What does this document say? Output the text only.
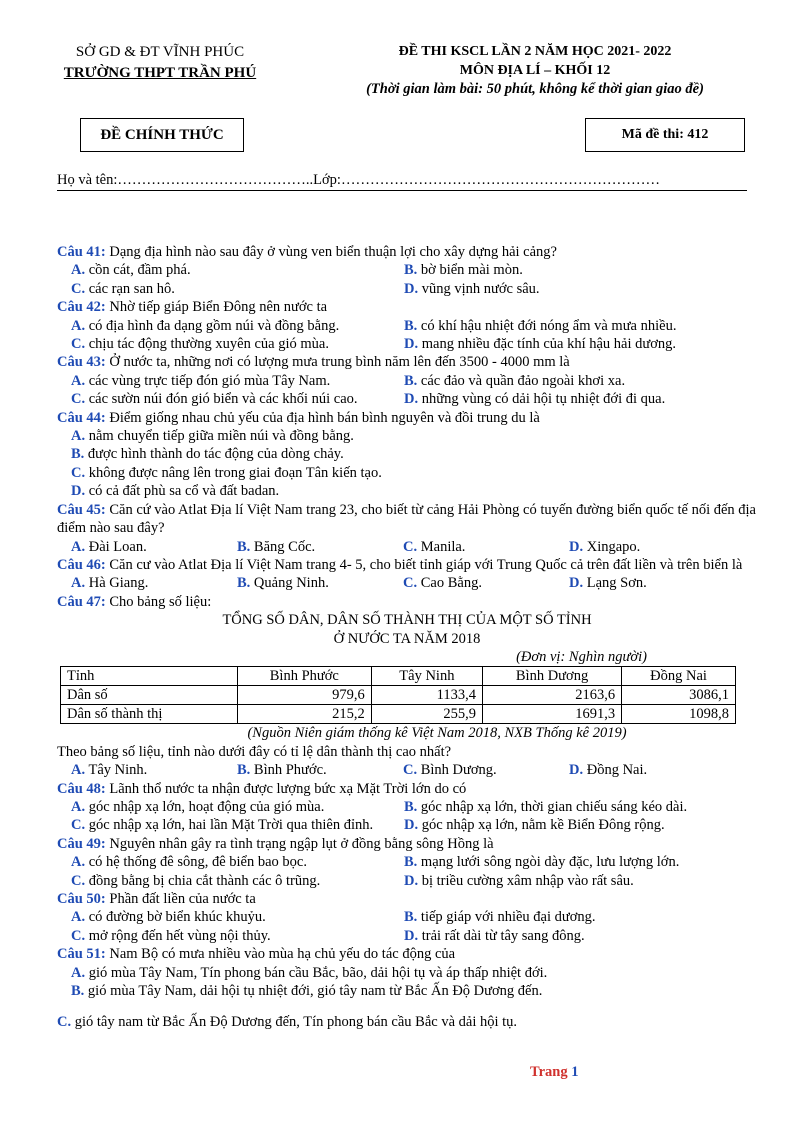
SỞ GD & ĐT VĨNH PHÚC
TRƯỜNG THPT TRẦN PHÚ
ĐỀ THI KSCL LẦN 2 NĂM HỌC 2021- 2022
MÔN ĐỊA LÍ – KHỐI 12
(Thời gian làm bài: 50 phút, không kể thời gian giao đề)
ĐỀ CHÍNH THỨC	Mã đề thi: 412
Họ và tên:…………………………………..Lớp:…………………………………………………………
Câu 41: Dạng địa hình nào sau đây ở vùng ven biển thuận lợi cho xây dựng hải cảng?
A. cồn cát, đầm phá.	B. bờ biển mài mòn.
C. các rạn san hô.	D. vũng vịnh nước sâu.
Câu 42: Nhờ tiếp giáp Biển Đông nên nước ta
A. có địa hình đa dạng gồm núi và đồng bằng.	B. có khí hậu nhiệt đới nóng ẩm và mưa nhiều.
C. chịu tác động thường xuyên của gió mùa.	D. mang nhiều đặc tính của khí hậu hải dương.
Câu 43: Ở nước ta, những nơi có lượng mưa trung bình năm lên đến 3500 - 4000 mm là
A. các vùng trực tiếp đón gió mùa Tây Nam.	B. các đảo và quần đảo ngoài khơi xa.
C. các sườn núi đón gió biển và các khối núi cao.	D. những vùng có dải hội tụ nhiệt đới đi qua.
Câu 44: Điểm giống nhau chủ yếu của địa hình bán bình nguyên và đồi trung du là
A. nằm chuyển tiếp giữa miền núi và đồng bằng.
B. được hình thành do tác động của dòng chảy.
C. không được nâng lên trong giai đoạn Tân kiến tạo.
D. có cả đất phù sa cổ và đất badan.
Câu 45: Căn cứ vào Atlat Địa lí Việt Nam trang 23, cho biết từ cảng Hải Phòng có tuyến đường biển quốc tế nối đến địa điểm nào sau đây?
A. Đài Loan.	B. Băng Cốc.	C. Manila.	D. Xingapo.
Câu 46: Căn cư vào Atlat Địa lí Việt Nam trang 4- 5, cho biết tỉnh giáp với Trung Quốc cả trên đất liền và trên biển là
A. Hà Giang.	B. Quảng Ninh.	C. Cao Bằng.	D. Lạng Sơn.
Câu 47: Cho bảng số liệu:
TỔNG SỐ DÂN, DÂN SỐ THÀNH THỊ CỦA MỘT SỐ TỈNH
Ở NƯỚC TA NĂM 2018
(Đơn vị: Nghìn người)
Tỉnh	Bình Phước	Tây Ninh	Bình Dương	Đồng Nai
Dân số	979,6	1133,4	2163,6	3086,1
Dân số thành thị	215,2	255,9	1691,3	1098,8
(Nguồn Niên giám thống kê Việt Nam 2018, NXB Thống kê 2019)
Theo bảng số liệu, tỉnh nào dưới đây có tỉ lệ dân thành thị cao nhất?
A. Tây Ninh.	B. Bình Phước.	C. Bình Dương.	D. Đồng Nai.
Câu 48: Lãnh thổ nước ta nhận được lượng bức xạ Mặt Trời lớn do có
A. góc nhập xạ lớn, hoạt động của gió mùa.	B. góc nhập xạ lớn, thời gian chiếu sáng kéo dài.
C. góc nhập xạ lớn, hai lần Mặt Trời qua thiên đỉnh.	D. góc nhập xạ lớn, nằm kề Biển Đông rộng.
Câu 49: Nguyên nhân gây ra tình trạng ngập lụt ở đồng bằng sông Hồng là
A. có hệ thống đê sông, đê biển bao bọc.	B. mạng lưới sông ngòi dày đặc, lưu lượng lớn.
C. đồng bằng bị chia cắt thành các ô trũng.	D. bị triều cường xâm nhập vào rất sâu.
Câu 50: Phần đất liền của nước ta
A. có đường bờ biển khúc khuỷu.	B. tiếp giáp với nhiều đại dương.
C. mở rộng đến hết vùng nội thủy.	D. trải rất dài từ tây sang đông.
Câu 51: Nam Bộ có mưa nhiều vào mùa hạ chủ yếu do tác động của
A. gió mùa Tây Nam, Tín phong bán cầu Bắc, bão, dải hội tụ và áp thấp nhiệt đới.
B. gió mùa Tây Nam, dải hội tụ nhiệt đới, gió tây nam từ Bắc Ấn Độ Dương đến.
C. gió tây nam từ Bắc Ấn Độ Dương đến, Tín phong bán cầu Bắc và dải hội tụ.
Trang 1
